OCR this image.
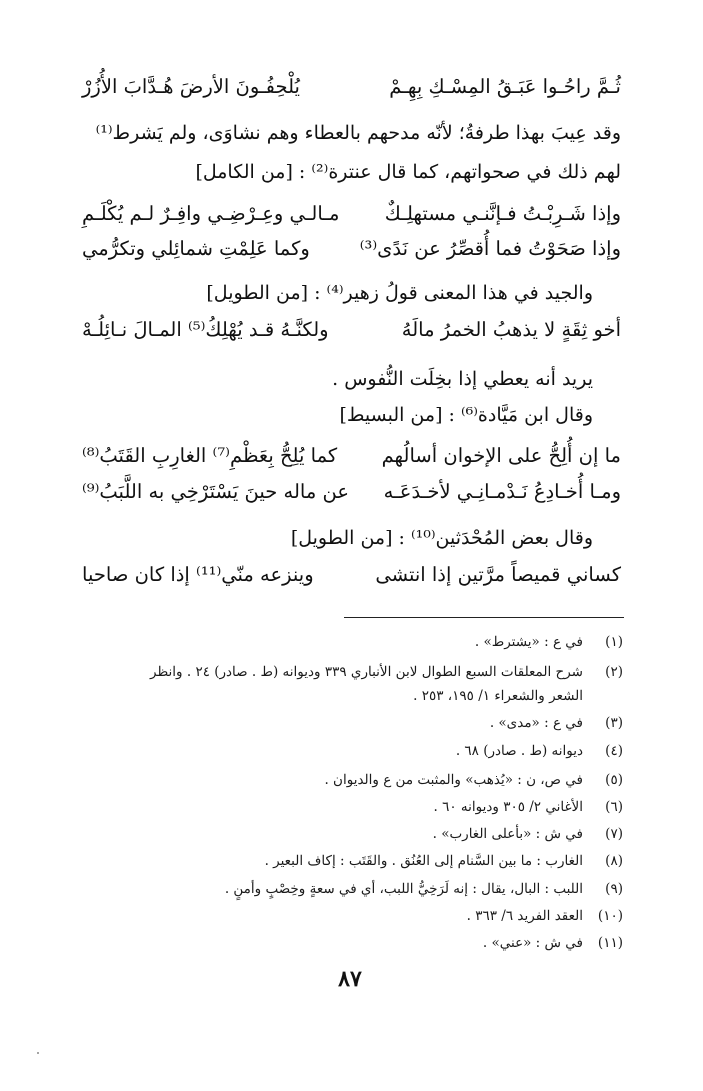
ثُـمَّ راحُـوا عَبَـقُ المِسْـكِ بِهِـمْ
يُلْحِفُـونَ الأرضَ هُـدَّابَ الأُزُرْ
وقد عِيبَ بهذا طرفةُ؛ لأنّه مدحهم بالعطاء وهم نشاوَى، ولم يَشرط⁽¹⁾
لهم ذلك في صحواتهم، كما قال عنترة⁽²⁾ : [من الكامل]
وإذا شَـرِبْـتُ فـإنَّنـي مستهلِـكٌ
مـالـي وعِـرْضِـي وافِـرٌ لـم يُكْلَـمِ
وإذا صَحَوْتُ فما أُقصِّرُ عن نَدًى⁽³⁾
وكما عَلِمْتِ شمائِلي وتكرُّمي
والجيد في هذا المعنى قولُ زهير⁽⁴⁾ : [من الطويل]
أخو ثِقَةٍ لا يذهبُ الخمرُ مالَهُ
ولكنَّـهُ قـد يُهْلِكُ⁽⁵⁾ المـالَ نـائِلُـهْ
يريد أنه يعطي إذا بخِلَت النُّفوس .
وقال ابن مَيَّادة⁽⁶⁾ : [من البسيط]
ما إن أُلِحُّ على الإخوان أسالُهم
كما يُلِحُّ بِعَظْمِ⁽⁷⁾ الغارِبِ القَتَبُ⁽⁸⁾
ومـا أُخـادِعُ نَـدْمـانِـي لأخـدَعَـه
عن ماله حينَ يَسْتَرْخِي به اللَّبَبُ⁽⁹⁾
وقال بعض المُحْدَثين⁽¹⁰⁾ : [من الطويل]
كساني قميصاً مرَّتين إذا انتشى
وينزعه منّي⁽¹¹⁾ إذا كان صاحيا
(١)في ع : «يشترط» .
(٢)شرح المعلقات السبع الطوال لابن الأنباري ٣٣٩ وديوانه (ط . صادر) ٢٤ . وانظر
الشعر والشعراء ١/ ١٩٥، ٢٥٣ .
(٣)في ع : «مدى» .
(٤)ديوانه (ط . صادر) ٦٨ .
(٥)في ص، ن : «يُذهب» والمثبت من ع والديوان .
(٦)الأغاني ٢/ ٣٠٥ وديوانه ٦٠ .
(٧)في ش : «بأعلى الغارب» .
(٨)الغارب : ما بين السَّنام إلى العُنُق . والقَتَب : إكاف البعير .
(٩)اللبب : البال، يقال : إنه لَرَخِيُّ اللبب، أي في سعةٍ وخِصْبٍ وأمنٍ .
(١٠)العقد الفريد ٦/ ٣٦٣ .
(١١)في ش : «عني» .
٨٧
